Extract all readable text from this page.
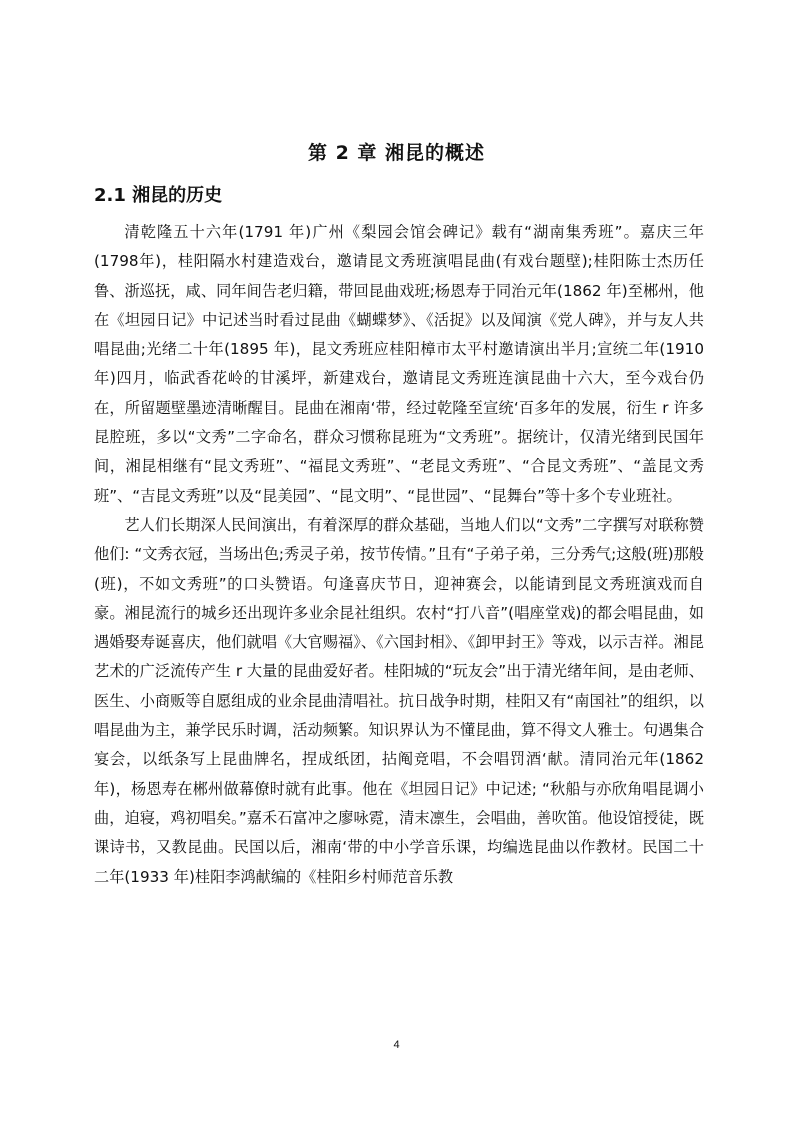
第 2 章 湘昆的概述
2.1 湘昆的历史

清乾隆五十六年(1791 年)广州《梨园会馆会碑记》载有“湖南集秀班”。嘉庆三年(1798年)，桂阳隔水村建造戏台，邀请昆文秀班演唱昆曲(有戏台题壁);桂阳陈士杰历任鲁、浙巡抚，咸、同年间告老归籍，带回昆曲戏班;杨恩寿于同治元年(1862 年)至郴州，他在《坦园日记》中记述当时看过昆曲《蝴蝶梦》、《活捉》以及闻演《党人碑》，并与友人共唱昆曲;光绪二十年(1895 年)，昆文秀班应桂阳樟市太平村邀请演出半月;宣统二年(1910 年)四月，临武香花岭的甘溪坪，新建戏台，邀请昆文秀班连演昆曲十六大，至今戏台仍在，所留题壁墨迹清晰醒目。昆曲在湘南‘带，经过乾隆至宣统‘百多年的发展，衍生 r 许多昆腔班，多以“文秀”二字命名，群众习惯称昆班为“文秀班”。据统计，仅清光绪到民国年间，湘昆相继有“昆文秀班”、“福昆文秀班”、“老昆文秀班”、“合昆文秀班”、“盖昆文秀班”、“吉昆文秀班”以及“昆美园”、“昆文明”、“昆世园”、“昆舞台”等十多个专业班社。

艺人们长期深人民间演出，有着深厚的群众基础，当地人们以“文秀”二字撰写对联称赞他们: “文秀衣冠，当场出色;秀灵子弟，按节传情。”且有“子弟子弟，三分秀气;这般(班)那般(班)，不如文秀班”的口头赞语。句逢喜庆节日，迎神赛会，以能请到昆文秀班演戏而自豪。湘昆流行的城乡还出现许多业余昆社组织。农村“打八音”(唱座堂戏)的都会唱昆曲，如遇婚娶寿诞喜庆，他们就唱《大官赐福》、《六国封相》、《卸甲封王》等戏，以示吉祥。湘昆艺术的广泛流传产生 r 大量的昆曲爱好者。桂阳城的“玩友会”出于清光绪年间，是由老师、医生、小商贩等自愿组成的业余昆曲清唱社。抗日战争时期，桂阳又有“南国社”的组织，以唱昆曲为主，兼学民乐时调，活动频繁。知识界认为不懂昆曲，算不得文人雅士。句遇集合宴会，以纸条写上昆曲牌名，捏成纸团，拈阄竞唱，不会唱罚酒‘献。清同治元年(1862 年)，杨恩寿在郴州做幕僚时就有此事。他在《坦园日记》中记述; “秋船与亦欣角唱昆调小曲，迫寝，鸡初唱矣。”嘉禾石富冲之廖咏霓，清末凛生，会唱曲，善吹笛。他设馆授徒，既课诗书，又教昆曲。民国以后，湘南‘带的中小学音乐课，均编选昆曲以作教材。民国二十二年(1933 年)桂阳李鸿献编的《桂阳乡村师范音乐教

4
